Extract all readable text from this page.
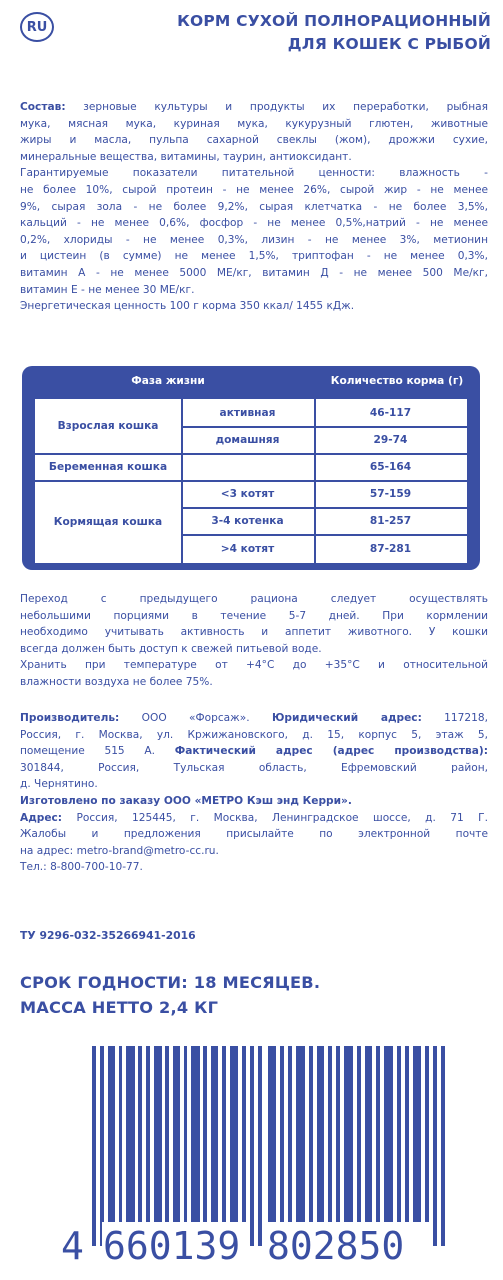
RU	КОРМ СУХОЙ ПОЛНОРАЦИОННЫЙ
ДЛЯ КОШЕК С РЫБОЙ
Состав: зерновые культуры и продукты их переработки, рыбная
мука, мясная мука, куриная мука, кукурузный глютен, животные
жиры и масла, пульпа сахарной свеклы (жом), дрожжи сухие,
минеральные вещества, витамины, таурин, антиоксидант.
Гарантируемые показатели питательной ценности: влажность -
не более 10%, сырой протеин - не менее 26%, сырой жир - не менее
9%, сырая зола - не более 9,2%, сырая клетчатка - не более 3,5%,
кальций - не менее 0,6%, фосфор - не менее 0,5%,натрий - не менее
0,2%, хлориды - не менее 0,3%, лизин - не менее 3%, метионин
и цистеин (в сумме) не менее 1,5%, триптофан - не менее 0,3%,
витамин А - не менее 5000 МЕ/кг, витамин Д - не менее 500 Ме/кг,
витамин Е - не менее 30 МЕ/кг.
Энергетическая ценность 100 г корма 350 ккал/ 1455 кДж.
Фаза жизни	Количество корма (г)
Взрослая кошка
активная	46-117
домашняя	29-74
Беременная кошка	65-164
Кормящая кошка
<3 котят	57-159
3-4 котенка	81-257
>4 котят	87-281
Переход с предыдущего рациона следует осуществлять
небольшими порциями в течение 5-7 дней. При кормлении
необходимо учитывать активность и аппетит животного. У кошки
всегда должен быть доступ к свежей питьевой воде.
Хранить при температуре от +4°С до +35°С и относительной
влажности воздуха не более 75%.
Производитель: ООО «Форсаж». Юридический адрес: 117218,
Россия, г. Москва, ул. Кржижановского, д. 15, корпус 5, этаж 5,
помещение 515 А. Фактический адрес (адрес производства):
301844, Россия, Тульская область, Ефремовский район,
д. Чернятино.
Изготовлено по заказу ООО «МЕТРО Кэш энд Керри».
Адрес: Россия, 125445, г. Москва, Ленинградское шоссе, д. 71 Г.
Жалобы и предложения присылайте по электронной почте
на адрес: metro-brand@metro-cc.ru.
Тел.: 8-800-700-10-77.
ТУ 9296-032-35266941-2016
СРОК ГОДНОСТИ: 18 МЕСЯЦЕВ.
МАССА НЕТТО 2,4 КГ
4 660139 802850
